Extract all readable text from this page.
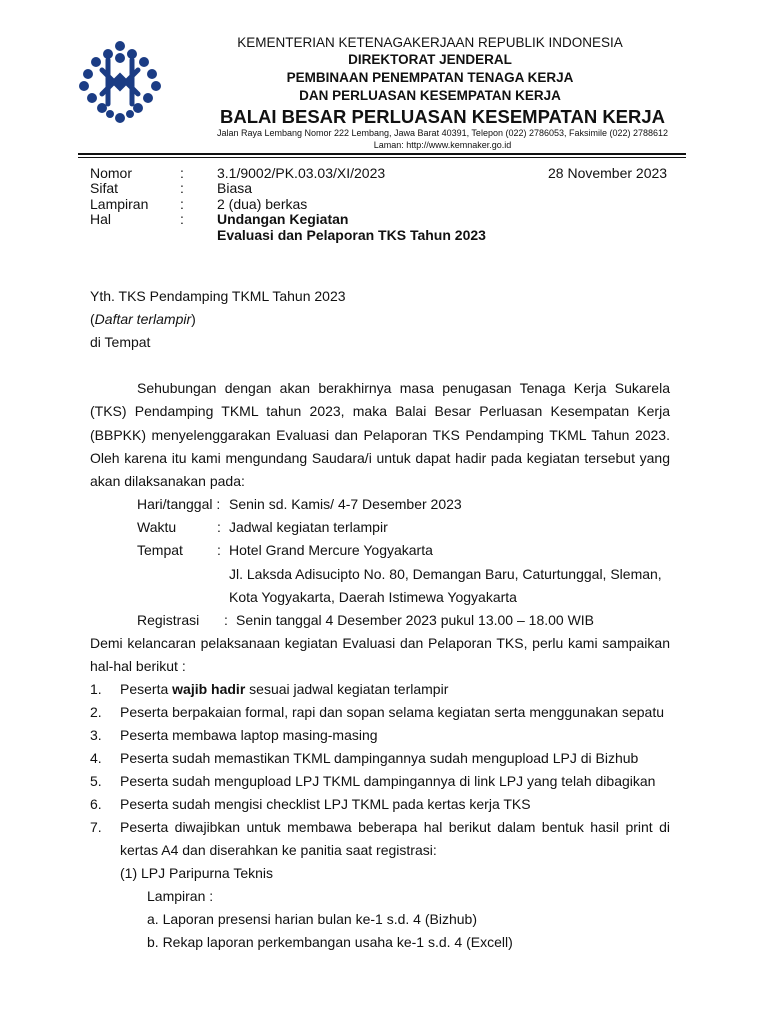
KEMENTERIAN KETENAGAKERJAAN REPUBLIK INDONESIA
DIREKTORAT JENDERAL
PEMBINAAN PENEMPATAN TENAGA KERJA
DAN PERLUASAN KESEMPATAN KERJA
BALAI BESAR PERLUASAN KESEMPATAN KERJA
Jalan Raya Lembang Nomor 222 Lembang, Jawa Barat 40391, Telepon (022) 2786053, Faksimile (022) 2788612
Laman: http://www.kemnaker.go.id
Nomor	: 3.1/9002/PK.03.03/XI/2023	28 November 2023
Sifat	: Biasa
Lampiran : 2 (dua) berkas
Hal	: Undangan Kegiatan
Evaluasi dan Pelaporan TKS Tahun 2023
Yth. TKS Pendamping TKML Tahun 2023
(Daftar terlampir)
di Tempat
Sehubungan dengan akan berakhirnya masa penugasan Tenaga Kerja Sukarela
(TKS) Pendamping TKML tahun 2023, maka Balai Besar Perluasan Kesempatan Kerja
(BBPKK) menyelenggarakan Evaluasi dan Pelaporan TKS Pendamping TKML Tahun 2023.
Oleh karena itu kami mengundang Saudara/i untuk dapat hadir pada kegiatan tersebut yang
akan dilaksanakan pada:
Hari/tanggal : Senin sd. Kamis/ 4-7 Desember 2023
Waktu	: Jadwal kegiatan terlampir
Tempat : Hotel Grand Mercure Yogyakarta
Jl. Laksda Adisucipto No. 80, Demangan Baru, Caturtunggal, Sleman,
Kota Yogyakarta, Daerah Istimewa Yogyakarta
Registrasi : Senin tanggal 4 Desember 2023 pukul 13.00 – 18.00 WIB
Demi kelancaran pelaksanaan kegiatan Evaluasi dan Pelaporan TKS, perlu kami sampaikan
hal-hal berikut :
1. Peserta wajib hadir sesuai jadwal kegiatan terlampir
2. Peserta berpakaian formal, rapi dan sopan selama kegiatan serta menggunakan sepatu
3. Peserta membawa laptop masing-masing
4. Peserta sudah memastikan TKML dampingannya sudah mengupload LPJ di Bizhub
5. Peserta sudah mengupload LPJ TKML dampingannya di link LPJ yang telah dibagikan
6. Peserta sudah mengisi checklist LPJ TKML pada kertas kerja TKS
7. Peserta diwajibkan untuk membawa beberapa hal berikut dalam bentuk hasil print di
kertas A4 dan diserahkan ke panitia saat registrasi:
(1) LPJ Paripurna Teknis
Lampiran :
a. Laporan presensi harian bulan ke-1 s.d. 4 (Bizhub)
b. Rekap laporan perkembangan usaha ke-1 s.d. 4 (Excell)
